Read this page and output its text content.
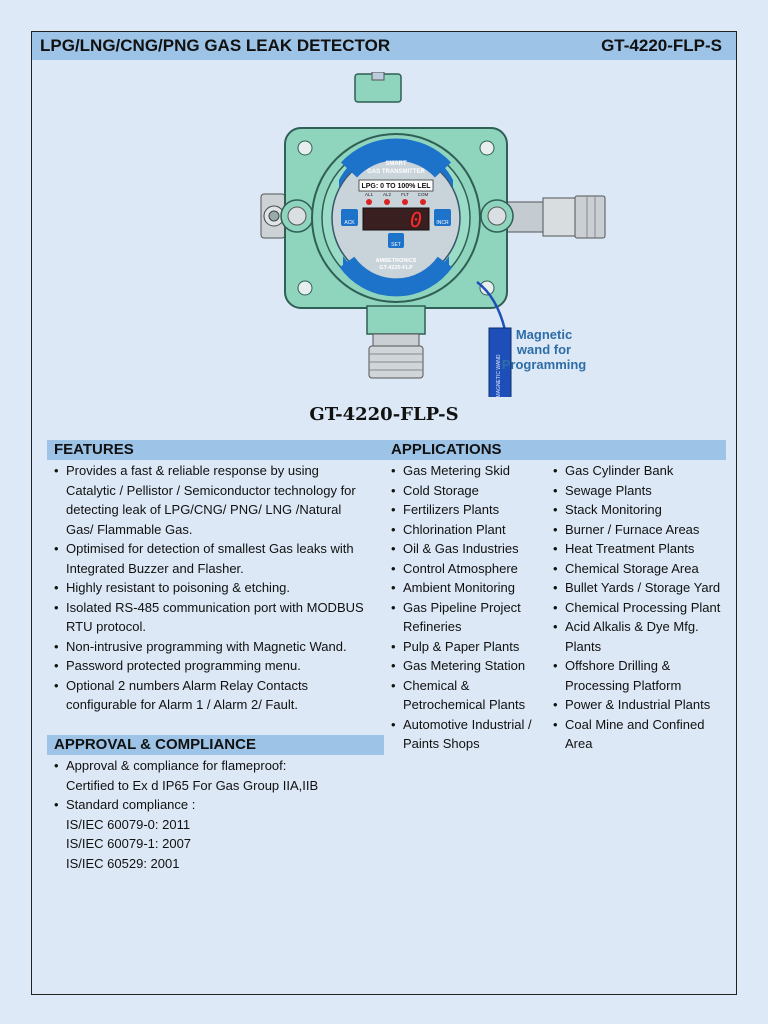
LPG/LNG/CNG/PNG GAS LEAK DETECTOR	GT-4220-FLP-S
SMART
GAS TRANSMITTER
LPG: 0 TO 100% LEL
AL1 AL2 FLT COM
0
ACK	INCR
SET
AMBETRONICS
GT-4220-FLP
MAGNETIC WAND
Magnetic
wand for
Programming
GT-4220-FLP-S
FEATURES
• Provides a fast & reliable response by using Catalytic / Pellistor / Semiconductor technology for detecting leak of LPG/CNG/ PNG/ LNG /Natural Gas/ Flammable Gas.
• Optimised for detection of smallest Gas leaks with Integrated Buzzer and Flasher.
• Highly resistant to poisoning & etching.
• Isolated RS-485 communication port with MODBUS RTU protocol.
• Non-intrusive programming with Magnetic Wand.
• Password protected programming menu.
• Optional 2 numbers Alarm Relay Contacts configurable for Alarm 1 / Alarm 2/ Fault.
APPROVAL & COMPLIANCE
• Approval & compliance for flameproof:
Certified to Ex d IP65 For Gas Group IIA,IIB
• Standard compliance :
IS/IEC 60079-0: 2011
IS/IEC 60079-1: 2007
IS/IEC 60529: 2001
APPLICATIONS
• Gas Metering Skid
• Cold Storage
• Fertilizers Plants
• Chlorination Plant
• Oil & Gas Industries
• Control Atmosphere
• Ambient Monitoring
• Gas Pipeline Project Refineries
• Pulp & Paper Plants
• Gas Metering Station
• Chemical & Petrochemical Plants
• Automotive Industrial / Paints Shops
• Gas Cylinder Bank
• Sewage Plants
• Stack Monitoring
• Burner / Furnace Areas
• Heat Treatment Plants
• Chemical Storage Area
• Bullet Yards / Storage Yard
• Chemical Processing Plant
• Acid Alkalis & Dye Mfg. Plants
• Offshore Drilling & Processing Platform
• Power & Industrial Plants
• Coal Mine and Confined Area
